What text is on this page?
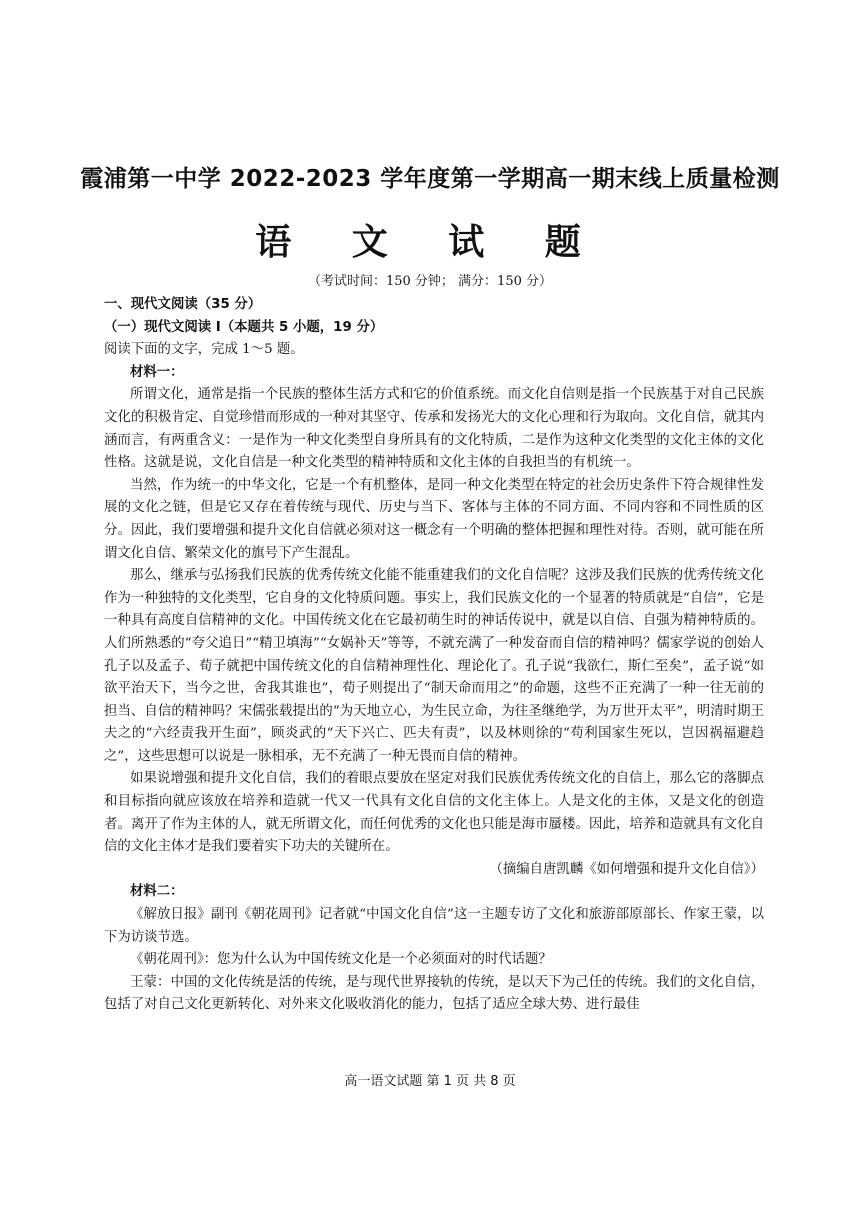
霞浦第一中学 2022-2023 学年度第一学期高一期末线上质量检测
语 文 试 题
（考试时间：150 分钟； 满分：150 分）

一、现代文阅读（35 分）

（一）现代文阅读 I（本题共 5 小题，19 分）

阅读下面的文字，完成 1～5 题。

材料一：

所谓文化，通常是指一个民族的整体生活方式和它的价值系统。而文化自信则是指一个民族基于对自己民族文化的积极肯定、自觉珍惜而形成的一种对其坚守、传承和发扬光大的文化心理和行为取向。文化自信，就其内涵而言，有两重含义：一是作为一种文化类型自身所具有的文化特质，二是作为这种文化类型的文化主体的文化性格。这就是说，文化自信是一种文化类型的精神特质和文化主体的自我担当的有机统一。

当然，作为统一的中华文化，它是一个有机整体，是同一种文化类型在特定的社会历史条件下符合规律性发展的文化之链，但是它又存在着传统与现代、历史与当下、客体与主体的不同方面、不同内容和不同性质的区分。因此，我们要增强和提升文化自信就必须对这一概念有一个明确的整体把握和理性对待。否则，就可能在所谓文化自信、繁荣文化的旗号下产生混乱。

那么，继承与弘扬我们民族的优秀传统文化能不能重建我们的文化自信呢？这涉及我们民族的优秀传统文化作为一种独特的文化类型，它自身的文化特质问题。事实上，我们民族文化的一个显著的特质就是“自信”，它是一种具有高度自信精神的文化。中国传统文化在它最初萌生时的神话传说中，就是以自信、自强为精神特质的。人们所熟悉的“夸父追日”“精卫填海”“女娲补天”等等，不就充满了一种发奋而自信的精神吗？儒家学说的创始人孔子以及孟子、荀子就把中国传统文化的自信精神理性化、理论化了。孔子说“我欲仁，斯仁至矣”，孟子说“如欲平治天下，当今之世，舍我其谁也”，荀子则提出了“制天命而用之”的命题，这些不正充满了一种一往无前的担当、自信的精神吗？宋儒张载提出的“为天地立心，为生民立命，为往圣继绝学，为万世开太平”，明清时期王夫之的“六经责我开生面”，顾炎武的“天下兴亡、匹夫有责”，以及林则徐的“苟利国家生死以，岂因祸福避趋之”，这些思想可以说是一脉相承，无不充满了一种无畏而自信的精神。

如果说增强和提升文化自信，我们的着眼点要放在坚定对我们民族优秀传统文化的自信上，那么它的落脚点和目标指向就应该放在培养和造就一代又一代具有文化自信的文化主体上。人是文化的主体，又是文化的创造者。离开了作为主体的人，就无所谓文化，而任何优秀的文化也只能是海市蜃楼。因此，培养和造就具有文化自信的文化主体才是我们要着实下功夫的关键所在。

（摘编自唐凯麟《如何增强和提升文化自信》）

材料二：

《解放日报》副刊《朝花周刊》记者就“中国文化自信”这一主题专访了文化和旅游部原部长、作家王蒙，以下为访谈节选。

《朝花周刊》：您为什么认为中国传统文化是一个必须面对的时代话题？

王蒙：中国的文化传统是活的传统，是与现代世界接轨的传统，是以天下为己任的传统。我们的文化自信，包括了对自己文化更新转化、对外来文化吸收消化的能力，包括了适应全球大势、进行最佳

高一语文试题 第 1 页 共 8 页
